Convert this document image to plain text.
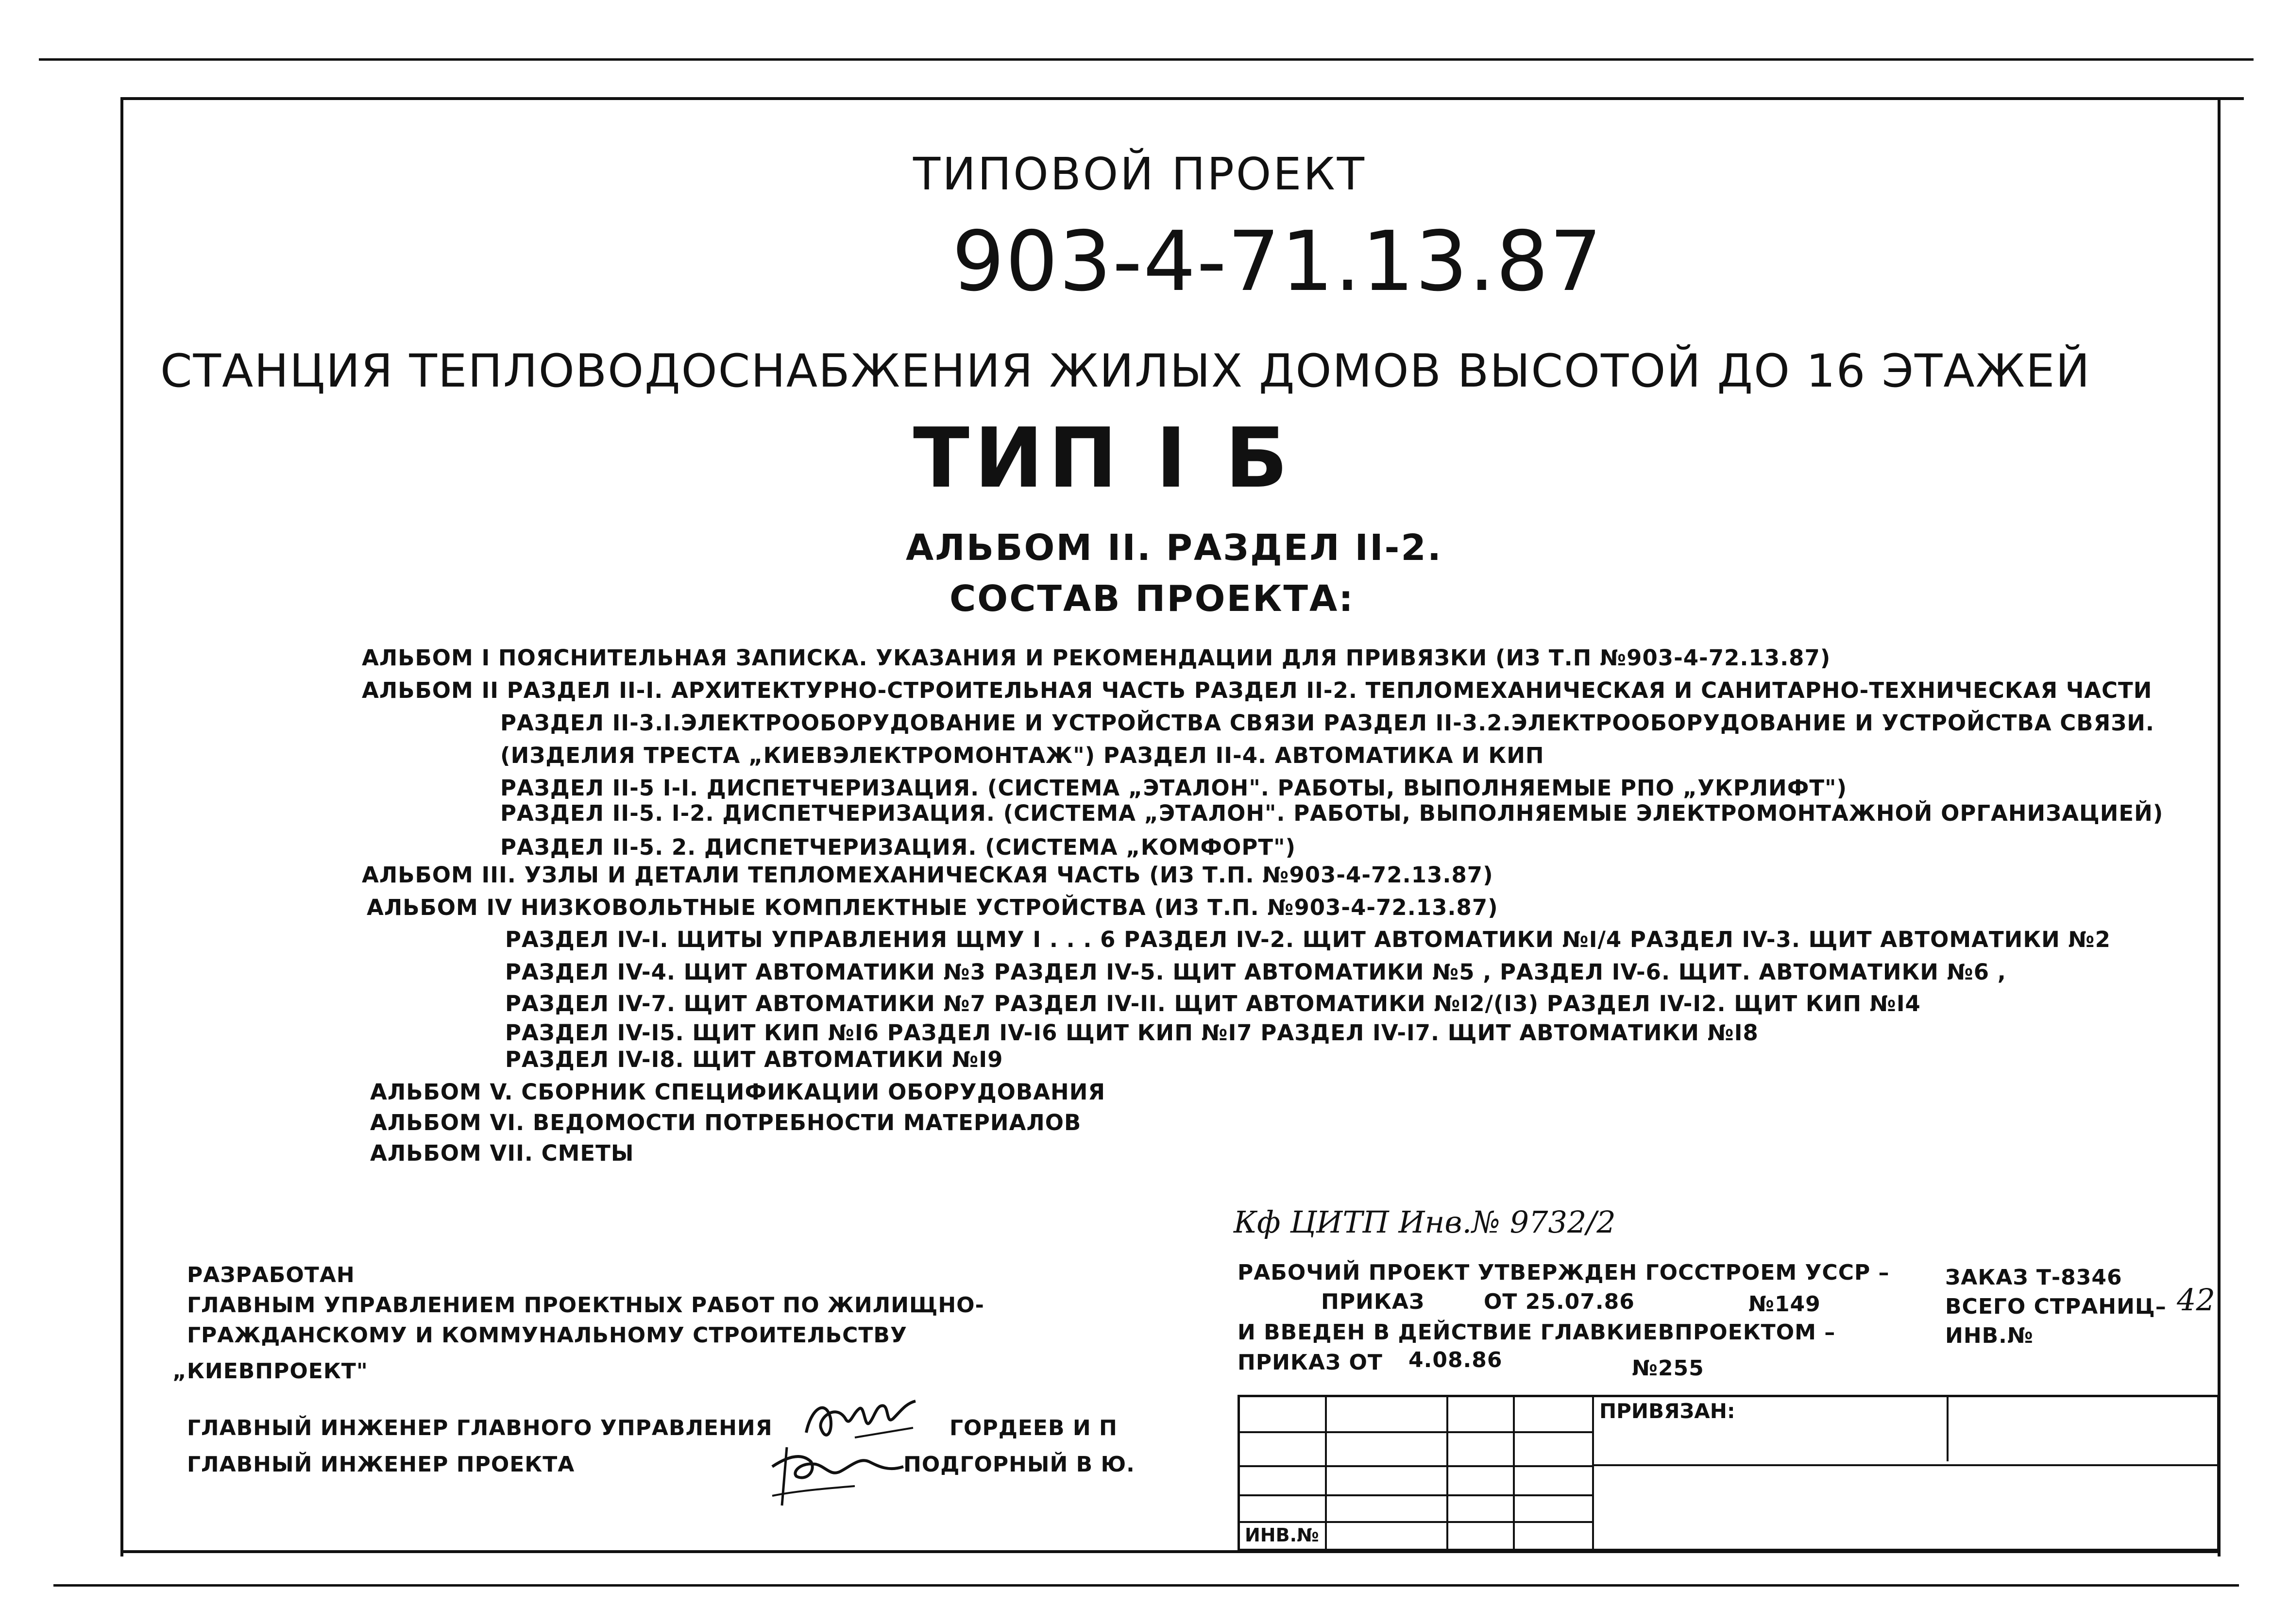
ТИПОВОЙ ПРОЕКТ
903-4-71.13.87
СТАНЦИЯ ТЕПЛОВОДОСНАБЖЕНИЯ ЖИЛЫХ ДОМОВ ВЫСОТОЙ ДО 16 ЭТАЖЕЙ
ТИП І Б
АЛЬБОМ ІІ. РАЗДЕЛ ІІ-2.
СОСТАВ ПРОЕКТА:
АЛЬБОМ І ПОЯСНИТЕЛЬНАЯ ЗАПИСКА. УКАЗАНИЯ И РЕКОМЕНДАЦИИ ДЛЯ ПРИВЯЗКИ (ИЗ Т.П №903-4-72.13.87)
АЛЬБОМ ІІ РАЗДЕЛ ІІ-І. АРХИТЕКТУРНО-СТРОИТЕЛЬНАЯ ЧАСТЬ РАЗДЕЛ ІІ-2. ТЕПЛОМЕХАНИЧЕСКАЯ И САНИТАРНО-ТЕХНИЧЕСКАЯ ЧАСТИ
РАЗДЕЛ ІІ-3.І.ЭЛЕКТРООБОРУДОВАНИЕ И УСТРОЙСТВА СВЯЗИ РАЗДЕЛ ІІ-3.2.ЭЛЕКТРООБОРУДОВАНИЕ И УСТРОЙСТВА СВЯЗИ.
(ИЗДЕЛИЯ ТРЕСТА „КИЕВЭЛЕКТРОМОНТАЖ") РАЗДЕЛ ІІ-4. АВТОМАТИКА И КИП
РАЗДЕЛ ІІ-5 І-І. ДИСПЕТЧЕРИЗАЦИЯ. (СИСТЕМА „ЭТАЛОН". РАБОТЫ, ВЫПОЛНЯЕМЫЕ РПО „УКРЛИФТ")
РАЗДЕЛ ІІ-5. І-2. ДИСПЕТЧЕРИЗАЦИЯ. (СИСТЕМА „ЭТАЛОН". РАБОТЫ, ВЫПОЛНЯЕМЫЕ ЭЛЕКТРОМОНТАЖНОЙ ОРГАНИЗАЦИЕЙ)
РАЗДЕЛ ІІ-5. 2. ДИСПЕТЧЕРИЗАЦИЯ. (СИСТЕМА „КОМФОРТ")
АЛЬБОМ ІІІ. УЗЛЫ И ДЕТАЛИ ТЕПЛОМЕХАНИЧЕСКАЯ ЧАСТЬ (ИЗ Т.П. №903-4-72.13.87)
АЛЬБОМ ІV НИЗКОВОЛЬТНЫЕ КОМПЛЕКТНЫЕ УСТРОЙСТВА (ИЗ Т.П. №903-4-72.13.87)
РАЗДЕЛ ІV-І. ЩИТЫ УПРАВЛЕНИЯ ЩМУ І . . . 6 РАЗДЕЛ ІV-2. ЩИТ АВТОМАТИКИ №І/4 РАЗДЕЛ ІV-3. ЩИТ АВТОМАТИКИ №2
РАЗДЕЛ ІV-4. ЩИТ АВТОМАТИКИ №3 РАЗДЕЛ ІV-5. ЩИТ АВТОМАТИКИ №5 , РАЗДЕЛ ІV-6. ЩИТ. АВТОМАТИКИ №6 ,
РАЗДЕЛ ІV-7. ЩИТ АВТОМАТИКИ №7 РАЗДЕЛ ІV-ІІ. ЩИТ АВТОМАТИКИ №І2/(І3) РАЗДЕЛ ІV-І2. ЩИТ КИП №І4
РАЗДЕЛ ІV-І5. ЩИТ КИП №І6 РАЗДЕЛ ІV-І6 ЩИТ КИП №І7 РАЗДЕЛ ІV-І7. ЩИТ АВТОМАТИКИ №І8
РАЗДЕЛ ІV-І8. ЩИТ АВТОМАТИКИ №І9
АЛЬБОМ V. СБОРНИК СПЕЦИФИКАЦИИ ОБОРУДОВАНИЯ
АЛЬБОМ VІ. ВЕДОМОСТИ ПОТРЕБНОСТИ МАТЕРИАЛОВ
АЛЬБОМ VІІ. СМЕТЫ
Кф ЦИТП Инв.№ 9732/2
РАЗРАБОТАН
ГЛАВНЫМ УПРАВЛЕНИЕМ ПРОЕКТНЫХ РАБОТ ПО ЖИЛИЩНО-
ГРАЖДАНСКОМУ И КОММУНАЛЬНОМУ СТРОИТЕЛЬСТВУ
„КИЕВПРОЕКТ"
ГЛАВНЫЙ ИНЖЕНЕР ГЛАВНОГО УПРАВЛЕНИЯ
ГЛАВНЫЙ ИНЖЕНЕР ПРОЕКТА
ГОРДЕЕВ И П
ПОДГОРНЫЙ В Ю.
РАБОЧИЙ ПРОЕКТ УТВЕРЖДЕН ГОССТРОЕМ УССР –
ПРИКАЗ	ОТ 25.07.86	№149
И ВВЕДЕН В ДЕЙСТВИЕ ГЛАВКИЕВПРОЕКТОМ –
ПРИКАЗ ОТ 4.08.86	№255
ЗАКАЗ Т-8346
ВСЕГО СТРАНИЦ– 42
ИНВ.№
ПРИВЯЗАН:
ИНВ.№
